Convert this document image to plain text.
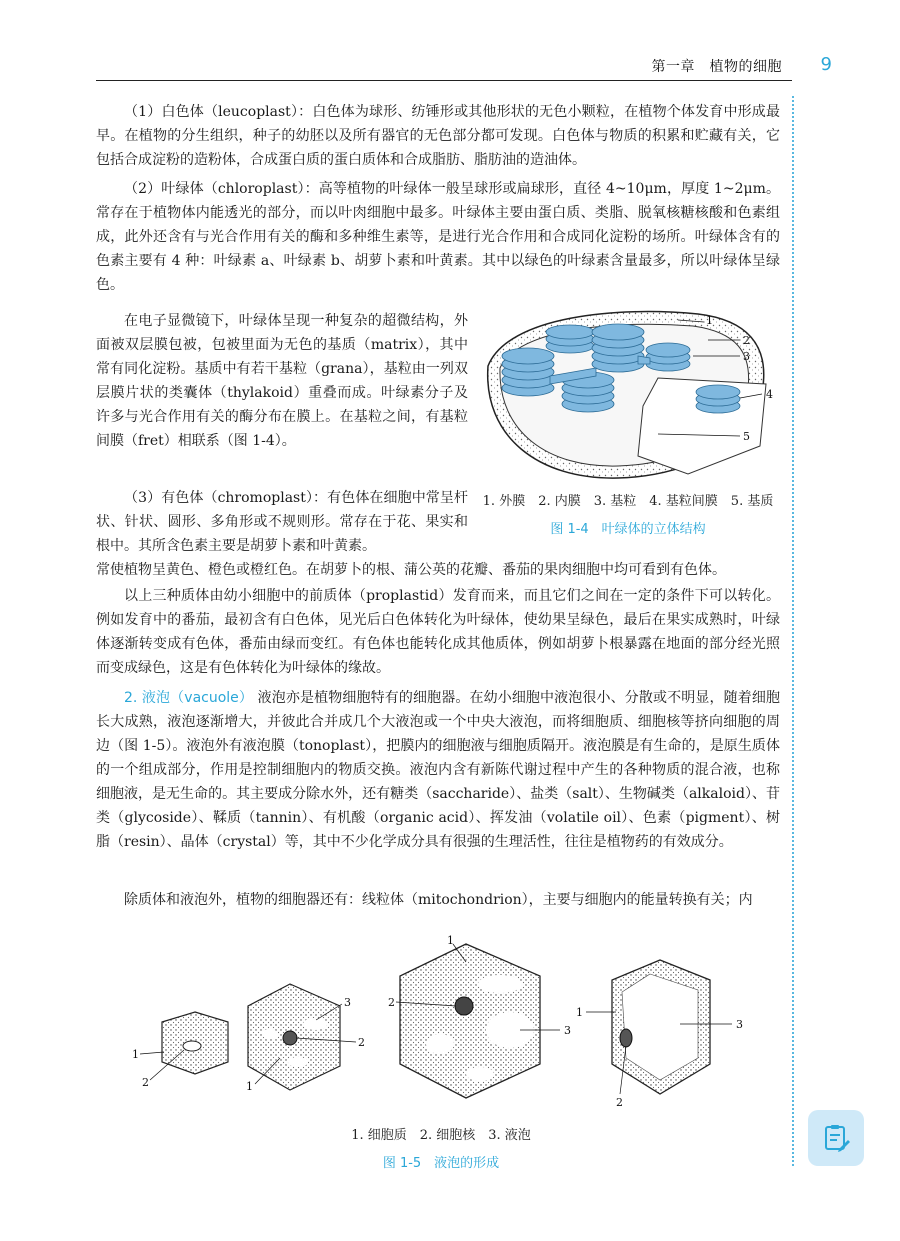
第一章　植物的细胞 9

（1）白色体（leucoplast）：白色体为球形、纺锤形或其他形状的无色小颗粒，在植物个体发育中形成最早。在植物的分生组织，种子的幼胚以及所有器官的无色部分都可发现。白色体与物质的积累和贮藏有关，它包括合成淀粉的造粉体，合成蛋白质的蛋白质体和合成脂肪、脂肪油的造油体。

（2）叶绿体（chloroplast）：高等植物的叶绿体一般呈球形或扁球形，直径 4~10μm，厚度 1~2μm。常存在于植物体内能透光的部分，而以叶肉细胞中最多。叶绿体主要由蛋白质、类脂、脱氧核糖核酸和色素组成，此外还含有与光合作用有关的酶和多种维生素等，是进行光合作用和合成同化淀粉的场所。叶绿体含有的色素主要有 4 种：叶绿素 a、叶绿素 b、胡萝卜素和叶黄素。其中以绿色的叶绿素含量最多，所以叶绿体呈绿色。

在电子显微镜下，叶绿体呈现一种复杂的超微结构，外面被双层膜包被，包被里面为无色的基质（matrix），其中常有同化淀粉。基质中有若干基粒（grana），基粒由一列双层膜片状的类囊体（thylakoid）重叠而成。叶绿素分子及许多与光合作用有关的酶分布在膜上。在基粒之间，有基粒间膜（fret）相联系（图 1-4）。

（3）有色体（chromoplast）：有色体在细胞中常呈杆状、针状、圆形、多角形或不规则形。常存在于花、果实和根中。其所含色素主要是胡萝卜素和叶黄素。

常使植物呈黄色、橙色或橙红色。在胡萝卜的根、蒲公英的花瓣、番茄的果肉细胞中均可看到有色体。

以上三种质体由幼小细胞中的前质体（proplastid）发育而来，而且它们之间在一定的条件下可以转化。例如发育中的番茄，最初含有白色体，见光后白色体转化为叶绿体，使幼果呈绿色，最后在果实成熟时，叶绿体逐渐转变成有色体，番茄由绿而变红。有色体也能转化成其他质体，例如胡萝卜根暴露在地面的部分经光照而变成绿色，这是有色体转化为叶绿体的缘故。

2. 液泡（vacuole） 液泡亦是植物细胞特有的细胞器。在幼小细胞中液泡很小、分散或不明显，随着细胞长大成熟，液泡逐渐增大，并彼此合并成几个大液泡或一个中央大液泡，而将细胞质、细胞核等挤向细胞的周边（图 1-5）。液泡外有液泡膜（tonoplast），把膜内的细胞液与细胞质隔开。液泡膜是有生命的，是原生质体的一个组成部分，作用是控制细胞内的物质交换。液泡内含有新陈代谢过程中产生的各种物质的混合液，也称细胞液，是无生命的。其主要成分除水外，还有糖类（saccharide）、盐类（salt）、生物碱类（alkaloid）、苷类（glycoside）、鞣质（tannin）、有机酸（organic acid）、挥发油（volatile oil）、色素（pigment）、树脂（resin）、晶体（crystal）等，其中不少化学成分具有很强的生理活性，往往是植物药的有效成分。

除质体和液泡外，植物的细胞器还有：线粒体（mitochondrion），主要与细胞内的能量转换有关；内

1
2
3
4
5
1. 外膜　2. 内膜　3. 基粒　4. 基粒间膜　5. 基质
图 1-4　叶绿体的立体结构
1
2
3
2
1
1
2
3
1
2
3
1. 细胞质　2. 细胞核　3. 液泡
图 1-5　液泡的形成
